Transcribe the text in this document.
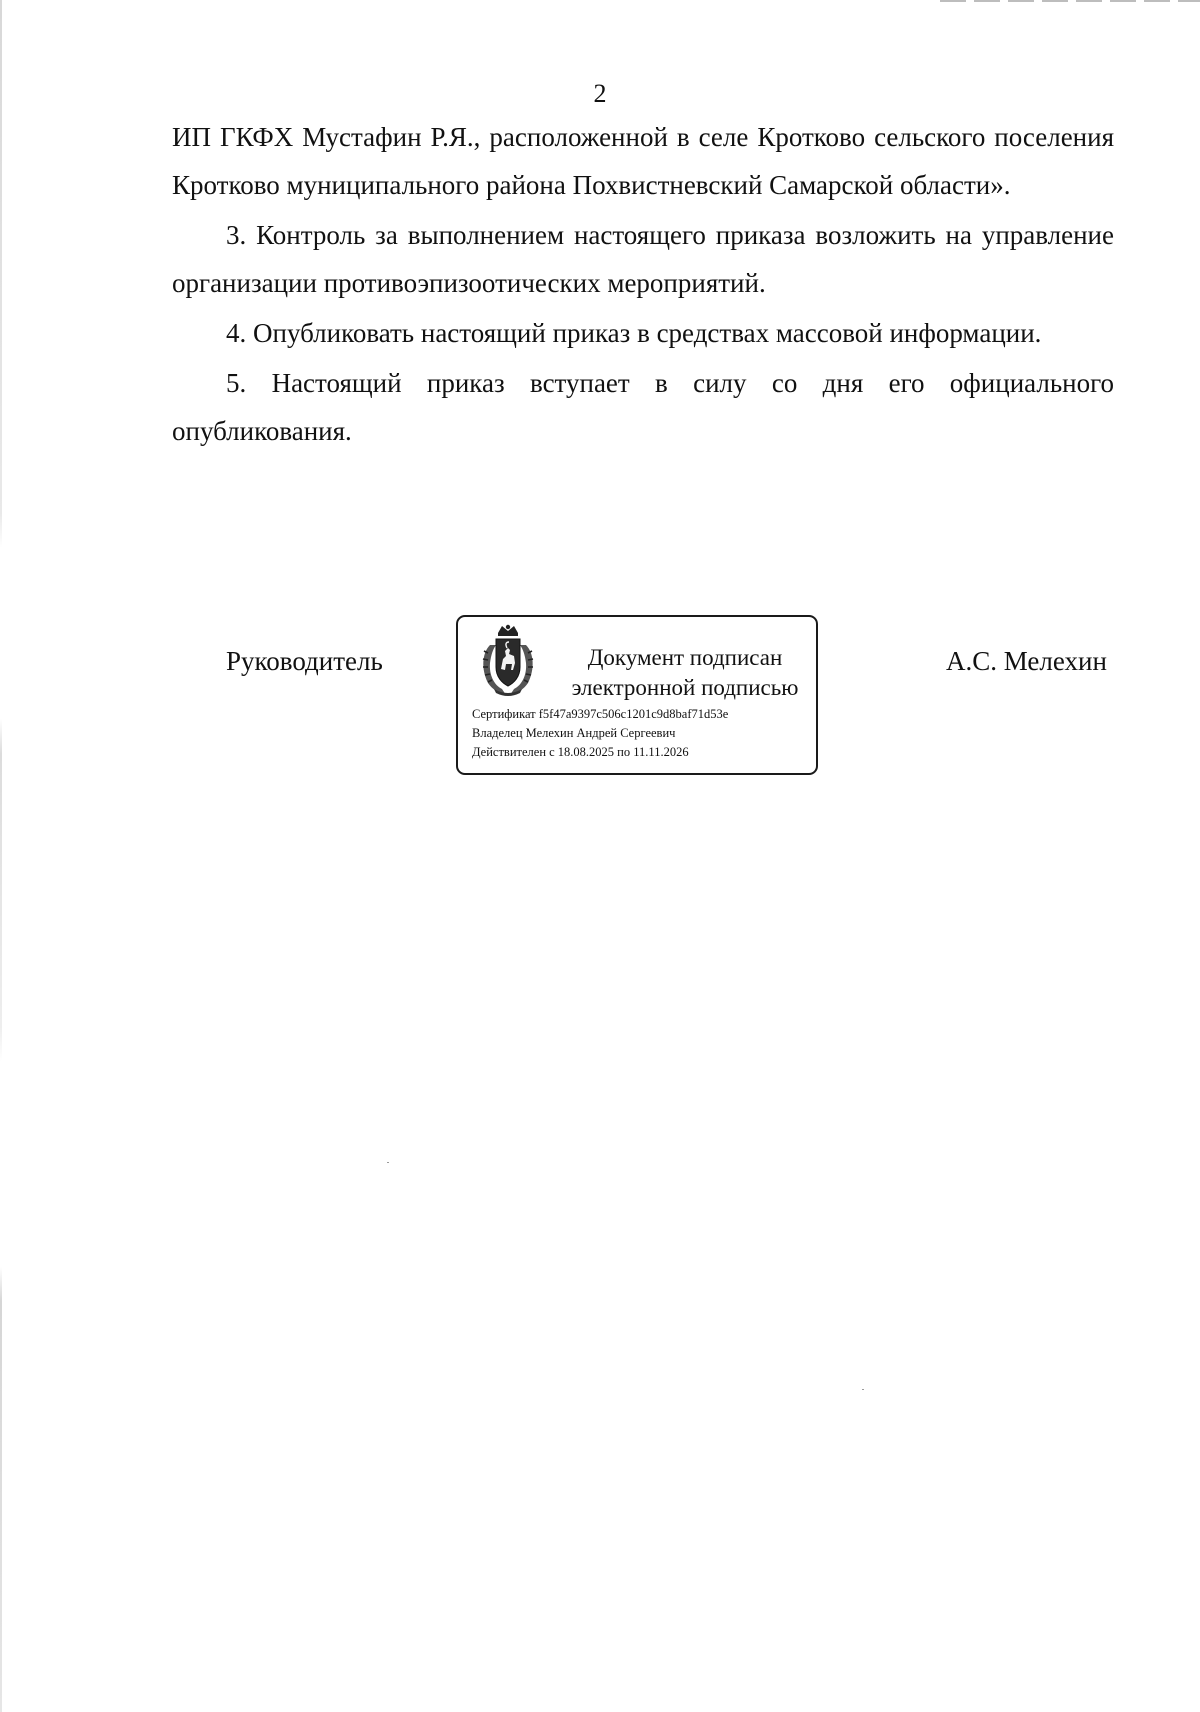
2

ИП ГКФХ Мустафин Р.Я., расположенной в селе Кротково сельского поселения Кротково муниципального района Похвистневский Самарской области».

3. Контроль за выполнением настоящего приказа возложить на управление организации противоэпизоотических мероприятий.

4. Опубликовать настоящий приказ в средствах массовой информации.

5. Настоящий приказ вступает в силу со дня его официального опубликования.

Руководитель	Документ подписан
электронной подписью
Сертификат f5f47a9397c506c1201c9d8baf71d53e
Владелец Мелехин Андрей Сергеевич
Действителен с 18.08.2025 по 11.11.2026
А.С. Мелехин
